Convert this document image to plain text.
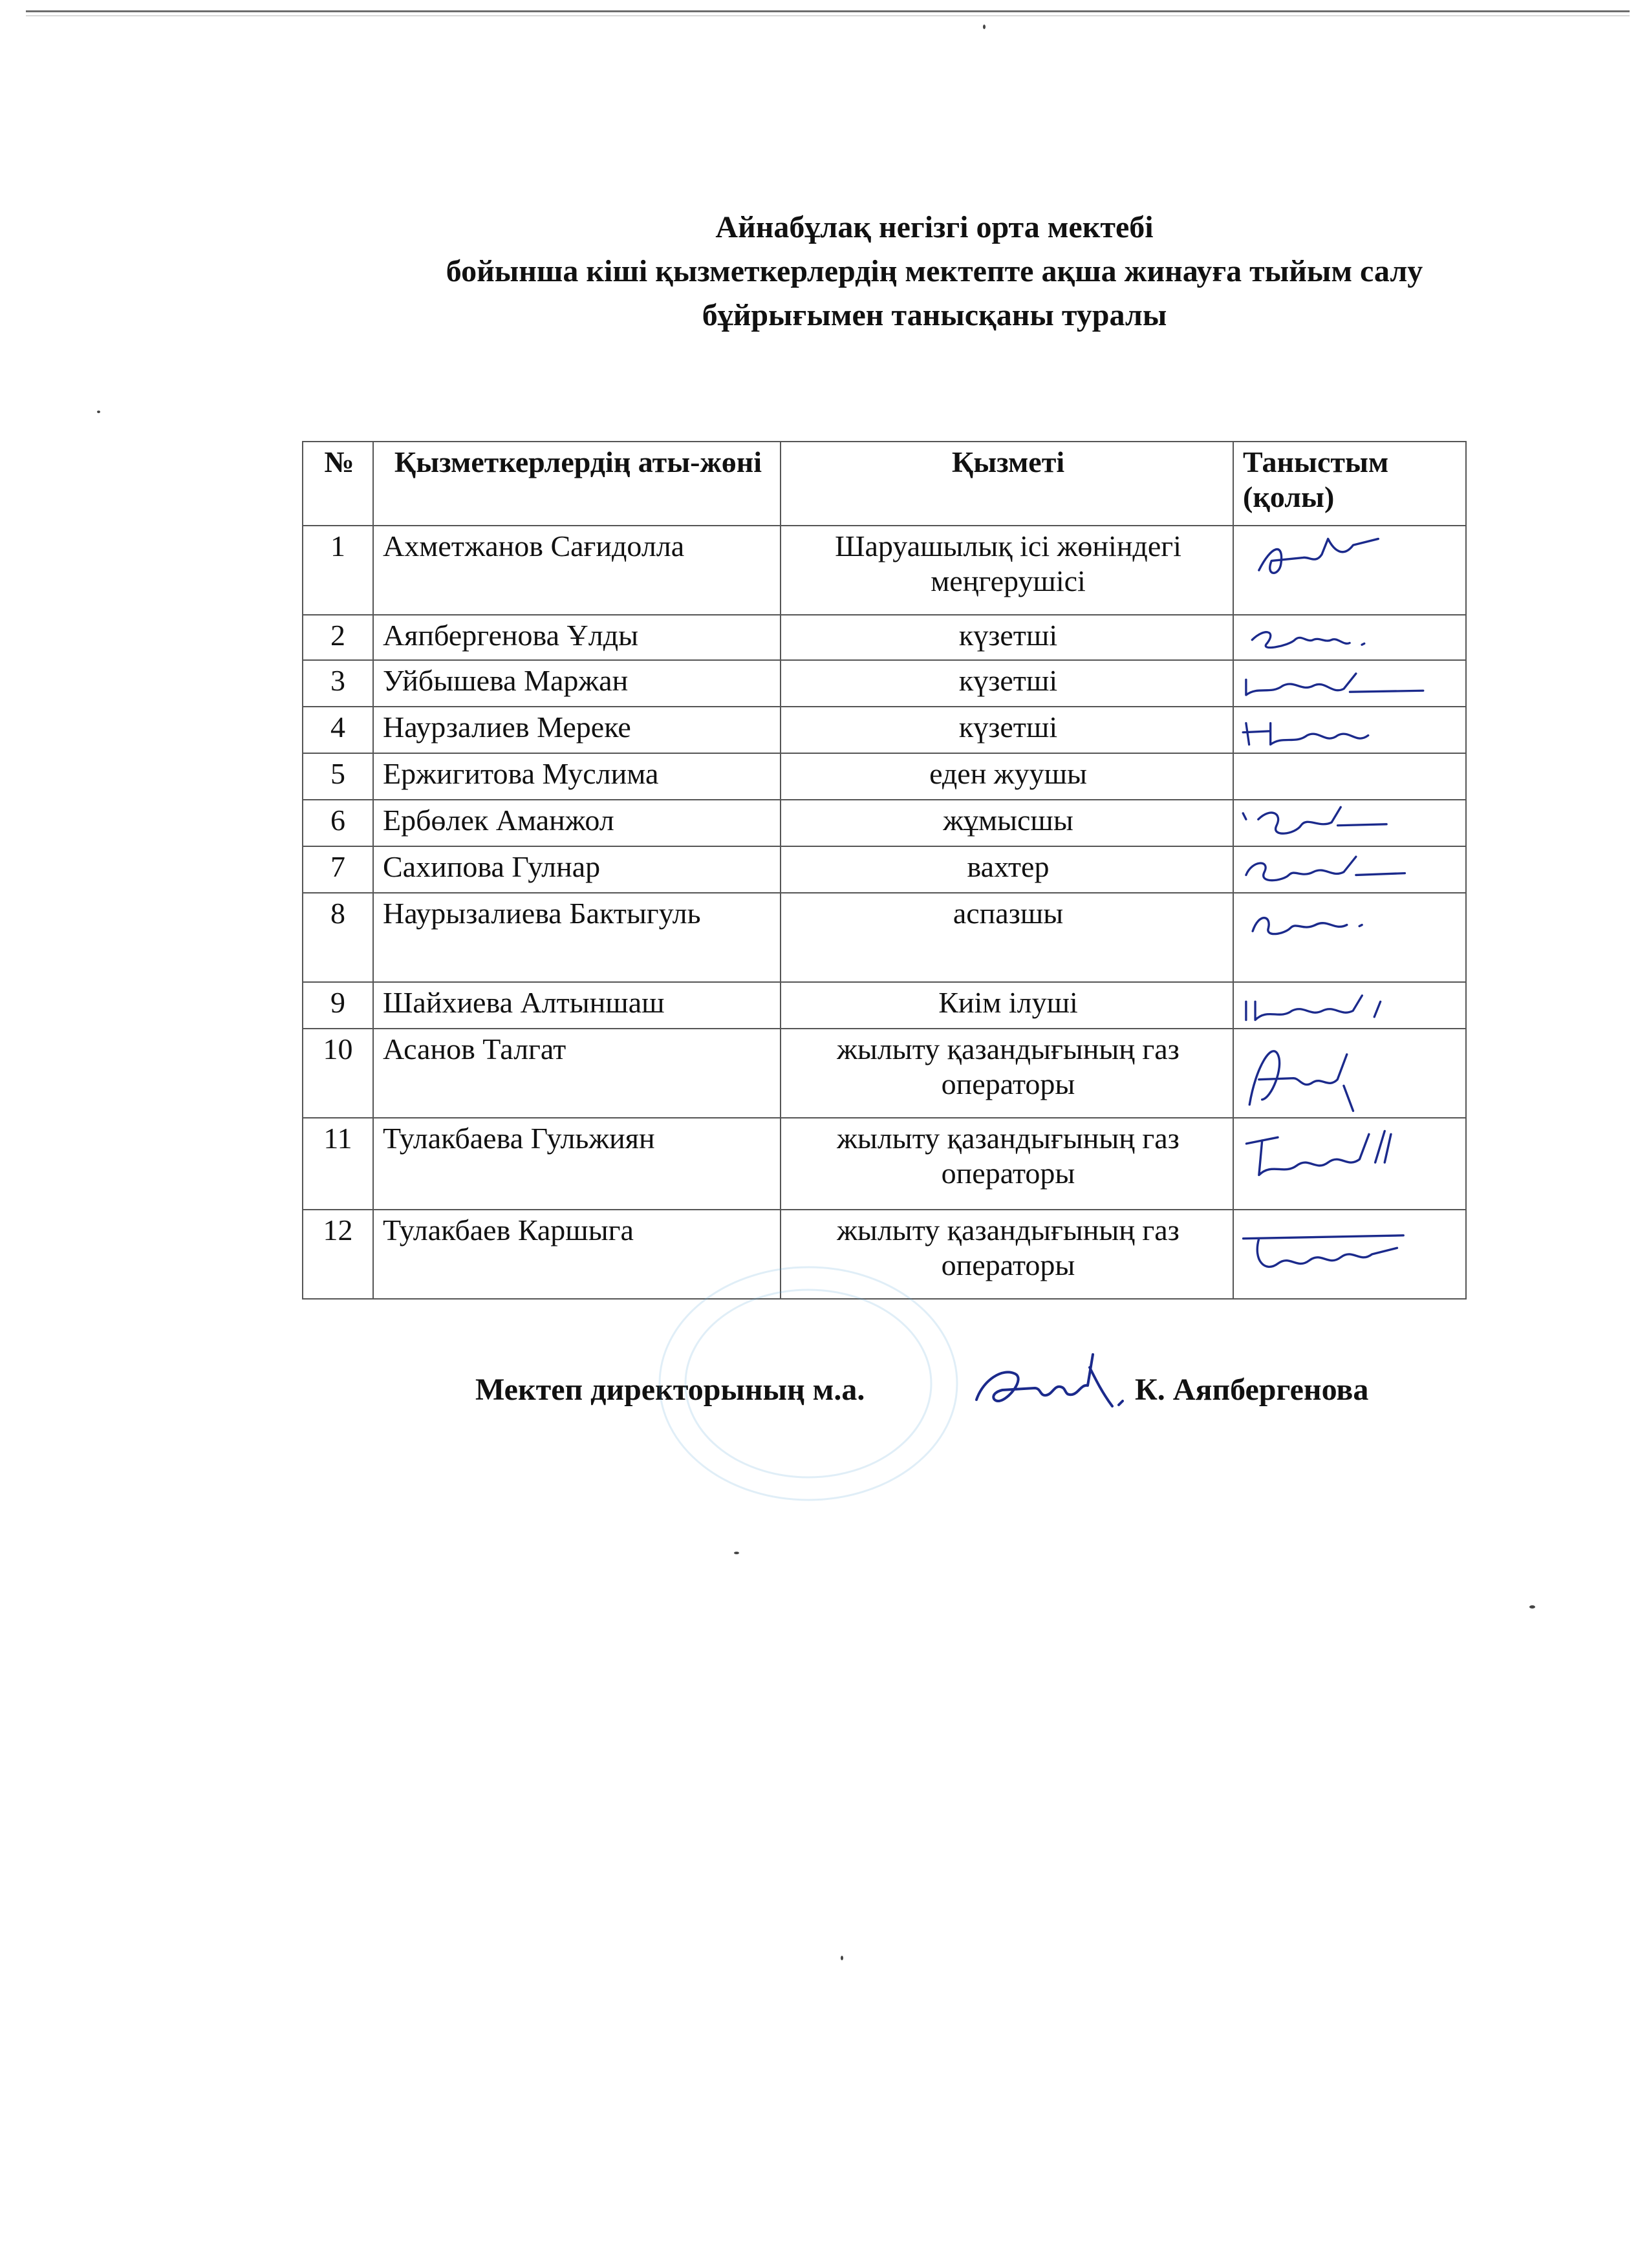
Айнабұлақ негізгі орта мектебі
бойынша кіші қызметкерлердің мектепте ақша жинауға тыйым салу
бұйрығымен танысқаны туралы
№	Қызметкерлердің аты-жөні	Қызметі	Таныстым (қолы)
1	Ахметжанов Сағидолла	Шаруашылық ісі жөніндегі меңгерушісі	

2	Аяпбергенова Ұлды	күзетші	

3	Уйбышева Маржан	күзетші	

4	Наурзалиев Мереке	күзетші	

5	Ержигитова Муслима	еден жуушы	
6	Ербөлек Аманжол	жұмысшы	

7	Сахипова Гулнар	вахтер	

8	Наурызалиева Бактыгуль	аспазшы	

9	Шайхиева Алтыншаш	Киім ілуші	

10	Асанов Талгат	жылыту қазандығының газ операторы	

11	Тулакбаева Гульжиян	жылыту қазандығының газ операторы	

12	Тулакбаев Каршыга	жылыту қазандығының газ операторы	
Мектеп директорының м.а.	К. Аяпбергенова
